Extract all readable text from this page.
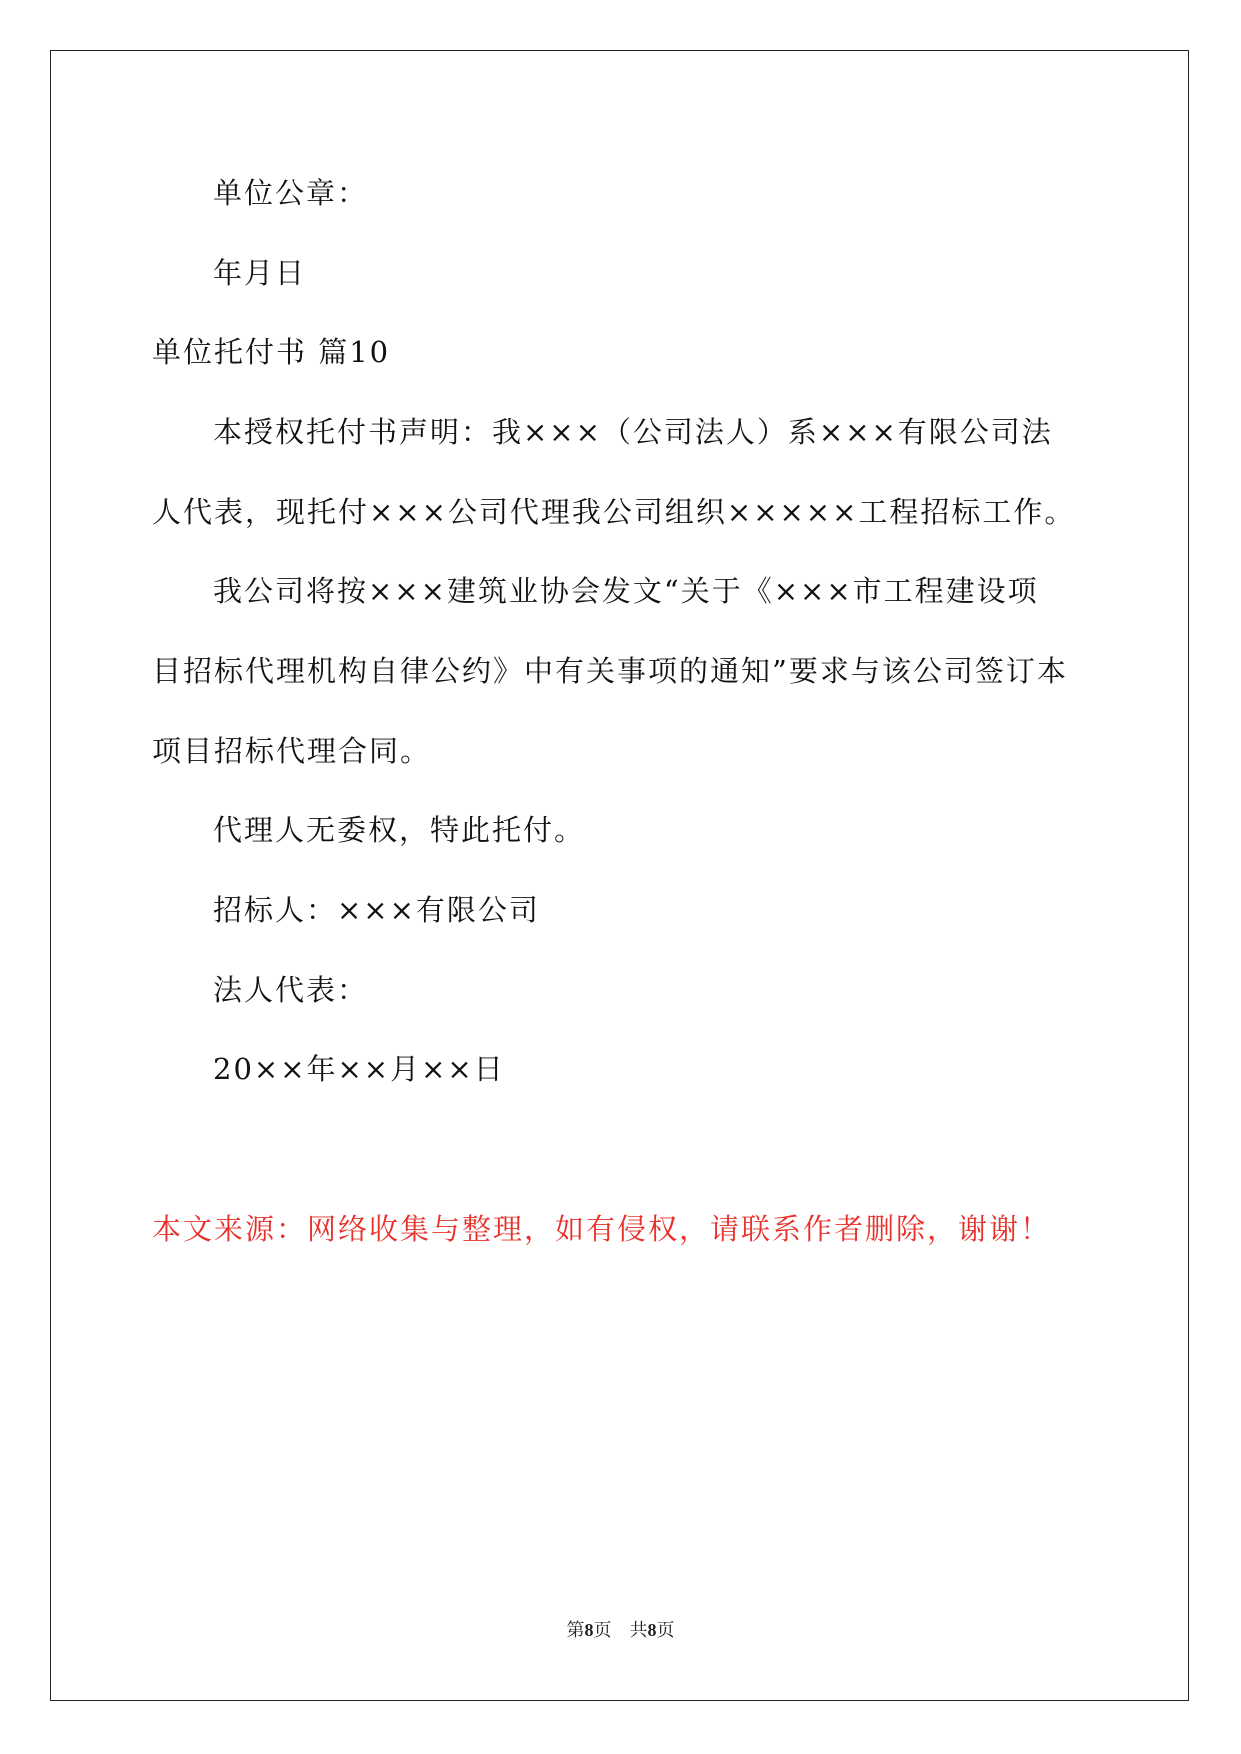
单位公章：
年月日
单位托付书 篇10
本授权托付书声明：我×××（公司法人）系×××有限公司法
人代表，现托付×××公司代理我公司组织×××××工程招标工作。
我公司将按×××建筑业协会发文“关于《×××市工程建设项
目招标代理机构自律公约》中有关事项的通知”要求与该公司签订本
项目招标代理合同。
代理人无委权，特此托付。
招标人：×××有限公司
法人代表：
20××年××月××日
本文来源：网络收集与整理，如有侵权，请联系作者删除，谢谢！
第8页 共8页
